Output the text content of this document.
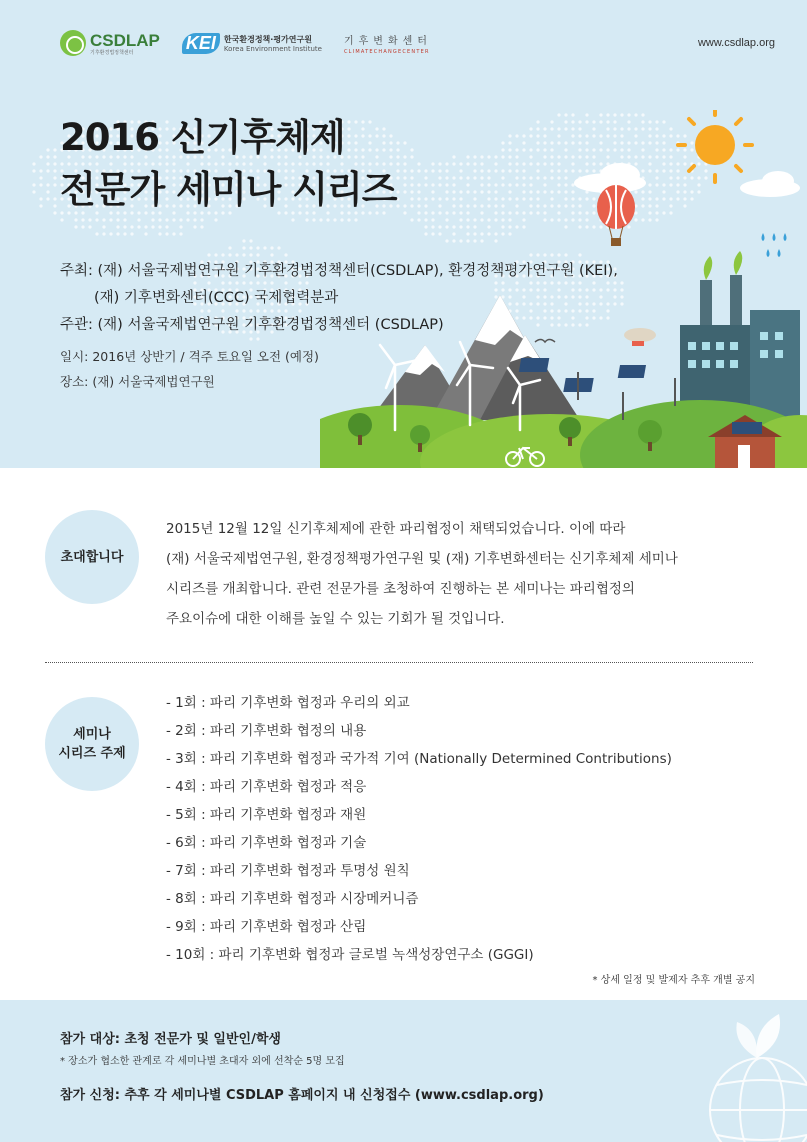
CSDLAP
기후환경법정책센터	KEI	한국환경정책·평가연구원
Korea Environment Institute
기후변화센터
CLIMATECHANGECENTER
www.csdlap.org
2016 신기후체제
전문가 세미나 시리즈
주최: (재) 서울국제법연구원 기후환경법정책센터(CSDLAP), 환경정책평가연구원 (KEI),
(재) 기후변화센터(CCC) 국제협력분과
주관: (재) 서울국제법연구원 기후환경법정책센터 (CSDLAP)
일시: 2016년 상반기 / 격주 토요일 오전 (예정)
장소: (재) 서울국제법연구원
초대합니다
2015년 12월 12일 신기후체제에 관한 파리협정이 채택되었습니다. 이에 따라
(재) 서울국제법연구원, 환경정책평가연구원 및 (재) 기후변화센터는 신기후체제 세미나
시리즈를 개최합니다. 관련 전문가를 초청하여 진행하는 본 세미나는 파리협정의
주요이슈에 대한 이해를 높일 수 있는 기회가 될 것입니다.
세미나
시리즈 주제
- 1회 : 파리 기후변화 협정과 우리의 외교
- 2회 : 파리 기후변화 협정의 내용
- 3회 : 파리 기후변화 협정과 국가적 기여 (Nationally Determined Contributions)
- 4회 : 파리 기후변화 협정과 적응
- 5회 : 파리 기후변화 협정과 재원
- 6회 : 파리 기후변화 협정과 기술
- 7회 : 파리 기후변화 협정과 투명성 원칙
- 8회 : 파리 기후변화 협정과 시장메커니즘
- 9회 : 파리 기후변화 협정과 산림
- 10회 : 파리 기후변화 협정과 글로벌 녹색성장연구소 (GGGI)
* 상세 일정 및 발제자 추후 개별 공지
참가 대상: 초청 전문가 및 일반인/학생
* 장소가 협소한 관계로 각 세미나별 초대자 외에 선착순 5명 모집
참가 신청: 추후 각 세미나별 CSDLAP 홈페이지 내 신청접수 (www.csdlap.org)
